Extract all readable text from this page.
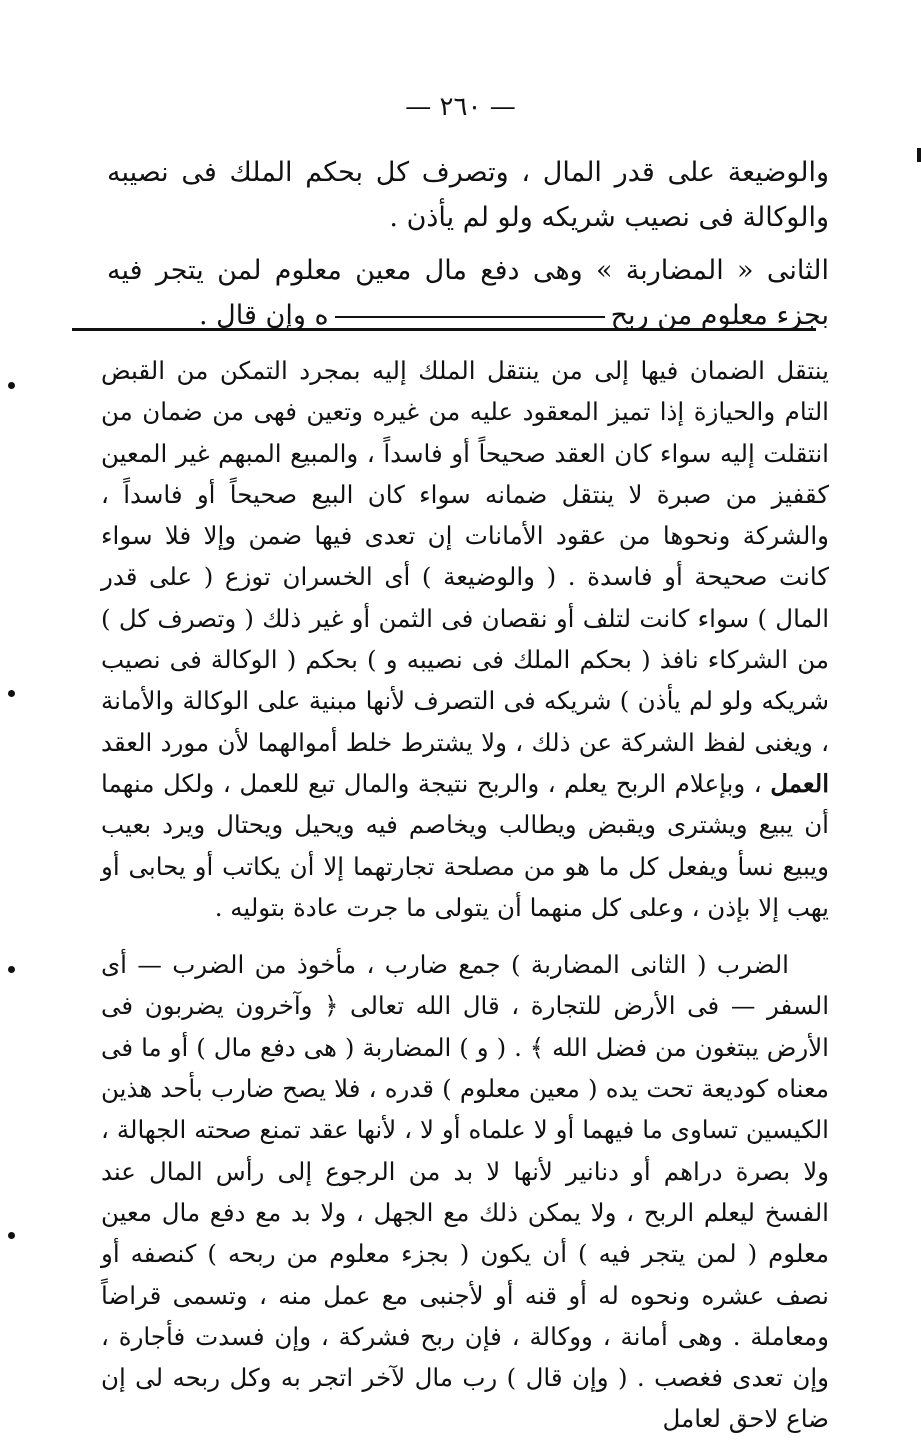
— ٢٦٠ —

والوضيعة على قدر المال ، وتصرف كل بحكم الملك فى نصيبه والوكالة فى نصيب شريكه ولو لم يأذن .

الثانى « المضاربة » وهى دفع مال معين معلوم لمن يتجر فيه بجزء معلوم من ربحه وإن قال .

ينتقل الضمان فيها إلى من ينتقل الملك إليه بمجرد التمكن من القبض التام والحيازة إذا تميز المعقود عليه من غيره وتعين فهى من ضمان من انتقلت إليه سواء كان العقد صحيحاً أو فاسداً ، والمبيع المبهم غير المعين كقفيز من صبرة لا ينتقل ضمانه سواء كان البيع صحيحاً أو فاسداً ، والشركة ونحوها من عقود الأمانات إن تعدى فيها ضمن وإلا فلا سواء كانت صحيحة أو فاسدة . ( والوضيعة ) أى الخسران توزع ( على قدر المال ) سواء كانت لتلف أو نقصان فى الثمن أو غير ذلك ( وتصرف كل ) من الشركاء نافذ ( بحكم الملك فى نصيبه و ) بحكم ( الوكالة فى نصيب شريكه ولو لم يأذن ) شريكه فى التصرف لأنها مبنية على الوكالة والأمانة ، ويغنى لفظ الشركة عن ذلك ، ولا يشترط خلط أموالهما لأن مورد العقد العمل ، وبإعلام الربح يعلم ، والربح نتيجة والمال تبع للعمل ، ولكل منهما أن يبيع ويشترى ويقبض ويطالب ويخاصم فيه ويحيل ويحتال ويرد بعيب ويبيع نسأ ويفعل كل ما هو من مصلحة تجارتهما إلا أن يكاتب أو يحابى أو يهب إلا بإذن ، وعلى كل منهما أن يتولى ما جرت عادة بتوليه .

الضرب ( الثانى المضاربة ) جمع ضارب ، مأخوذ من الضرب — أى السفر — فى الأرض للتجارة ، قال الله تعالى ﴿ وآخرون يضربون فى الأرض يبتغون من فضل الله ﴾ . ( و ) المضاربة ( هى دفع مال ) أو ما فى معناه كوديعة تحت يده ( معين معلوم ) قدره ، فلا يصح ضارب بأحد هذين الكيسين تساوى ما فيهما أو لا علماه أو لا ، لأنها عقد تمنع صحته الجهالة ، ولا بصرة دراهم أو دنانير لأنها لا بد من الرجوع إلى رأس المال عند الفسخ ليعلم الربح ، ولا يمكن ذلك مع الجهل ، ولا بد مع دفع مال معين معلوم ( لمن يتجر فيه ) أن يكون ( بجزء معلوم من ربحه ) كنصفه أو نصف عشره ونحوه له أو قنه أو لأجنبى مع عمل منه ، وتسمى قراضاً ومعاملة . وهى أمانة ، ووكالة ، فإن ربح فشركة ، وإن فسدت فأجارة ، وإن تعدى فغصب . ( وإن قال ) رب مال لآخر اتجر به وكل ربحه لى إن ضاع لاحق لعامل
